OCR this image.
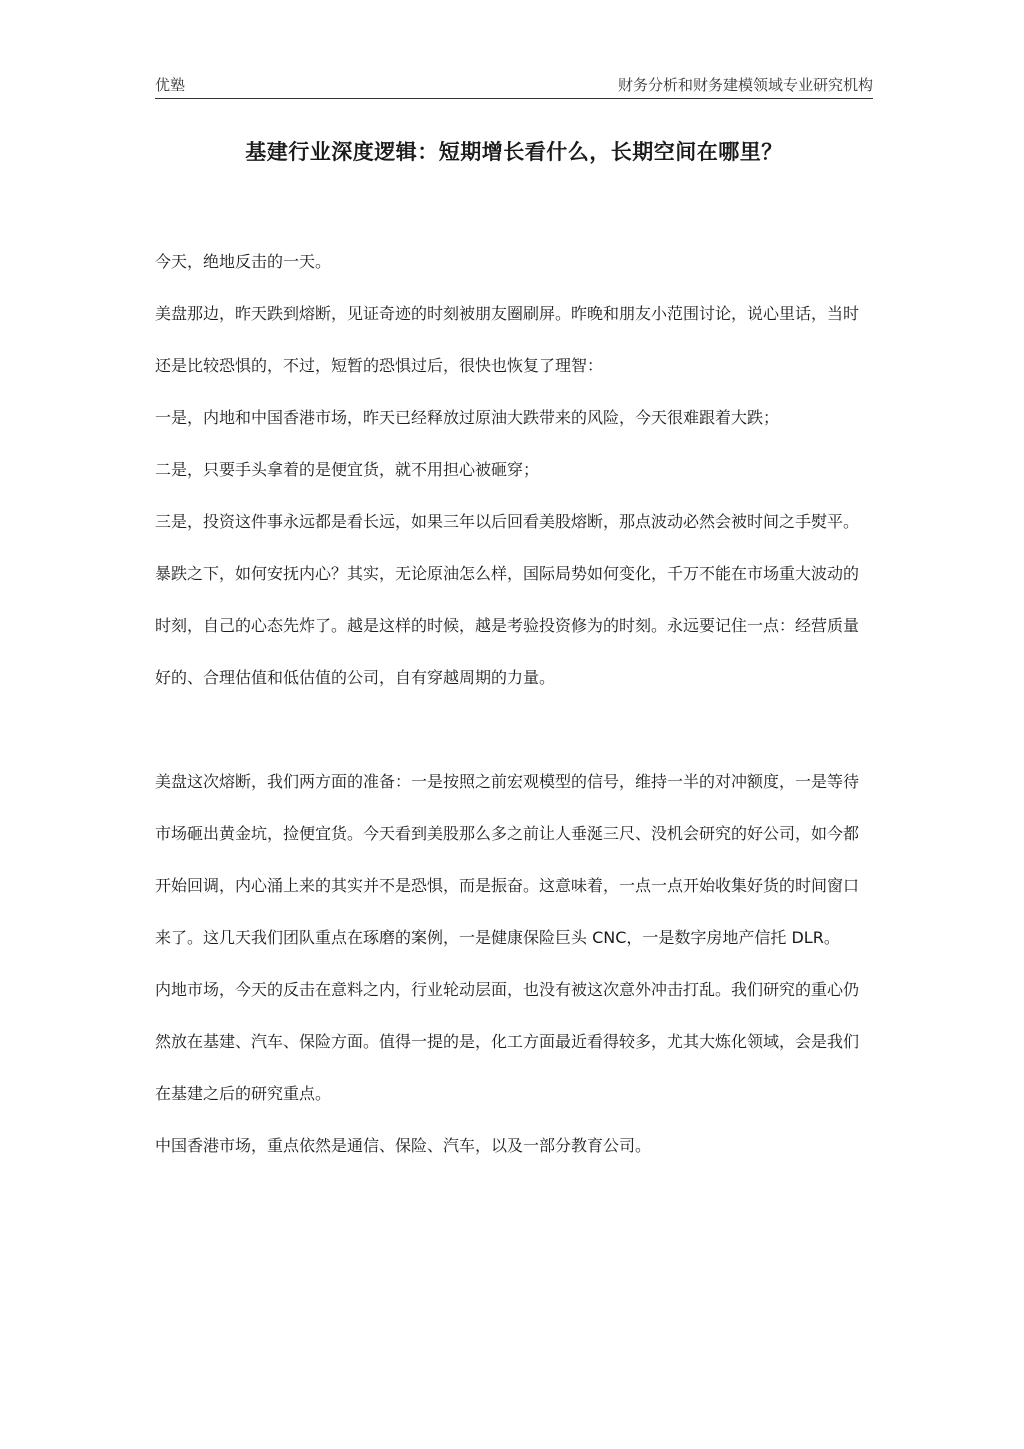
优塾	财务分析和财务建模领域专业研究机构
基建行业深度逻辑：短期增长看什么，长期空间在哪里？

今天，绝地反击的一天。

美盘那边，昨天跌到熔断，见证奇迹的时刻被朋友圈刷屏。昨晚和朋友小范围讨论，说心里话，当时还是比较恐惧的，不过，短暂的恐惧过后，很快也恢复了理智：

一是，内地和中国香港市场，昨天已经释放过原油大跌带来的风险，今天很难跟着大跌；

二是，只要手头拿着的是便宜货，就不用担心被砸穿；

三是，投资这件事永远都是看长远，如果三年以后回看美股熔断，那点波动必然会被时间之手熨平。

暴跌之下，如何安抚内心？其实，无论原油怎么样，国际局势如何变化，千万不能在市场重大波动的时刻，自己的心态先炸了。越是这样的时候，越是考验投资修为的时刻。永远要记住一点：经营质量好的、合理估值和低估值的公司，自有穿越周期的力量。

美盘这次熔断，我们两方面的准备：一是按照之前宏观模型的信号，维持一半的对冲额度，一是等待市场砸出黄金坑，捡便宜货。今天看到美股那么多之前让人垂涎三尺、没机会研究的好公司，如今都开始回调，内心涌上来的其实并不是恐惧，而是振奋。这意味着，一点一点开始收集好货的时间窗口来了。这几天我们团队重点在琢磨的案例，一是健康保险巨头 CNC，一是数字房地产信托 DLR。

内地市场，今天的反击在意料之内，行业轮动层面，也没有被这次意外冲击打乱。我们研究的重心仍然放在基建、汽车、保险方面。值得一提的是，化工方面最近看得较多，尤其大炼化领域，会是我们在基建之后的研究重点。

中国香港市场，重点依然是通信、保险、汽车，以及一部分教育公司。
